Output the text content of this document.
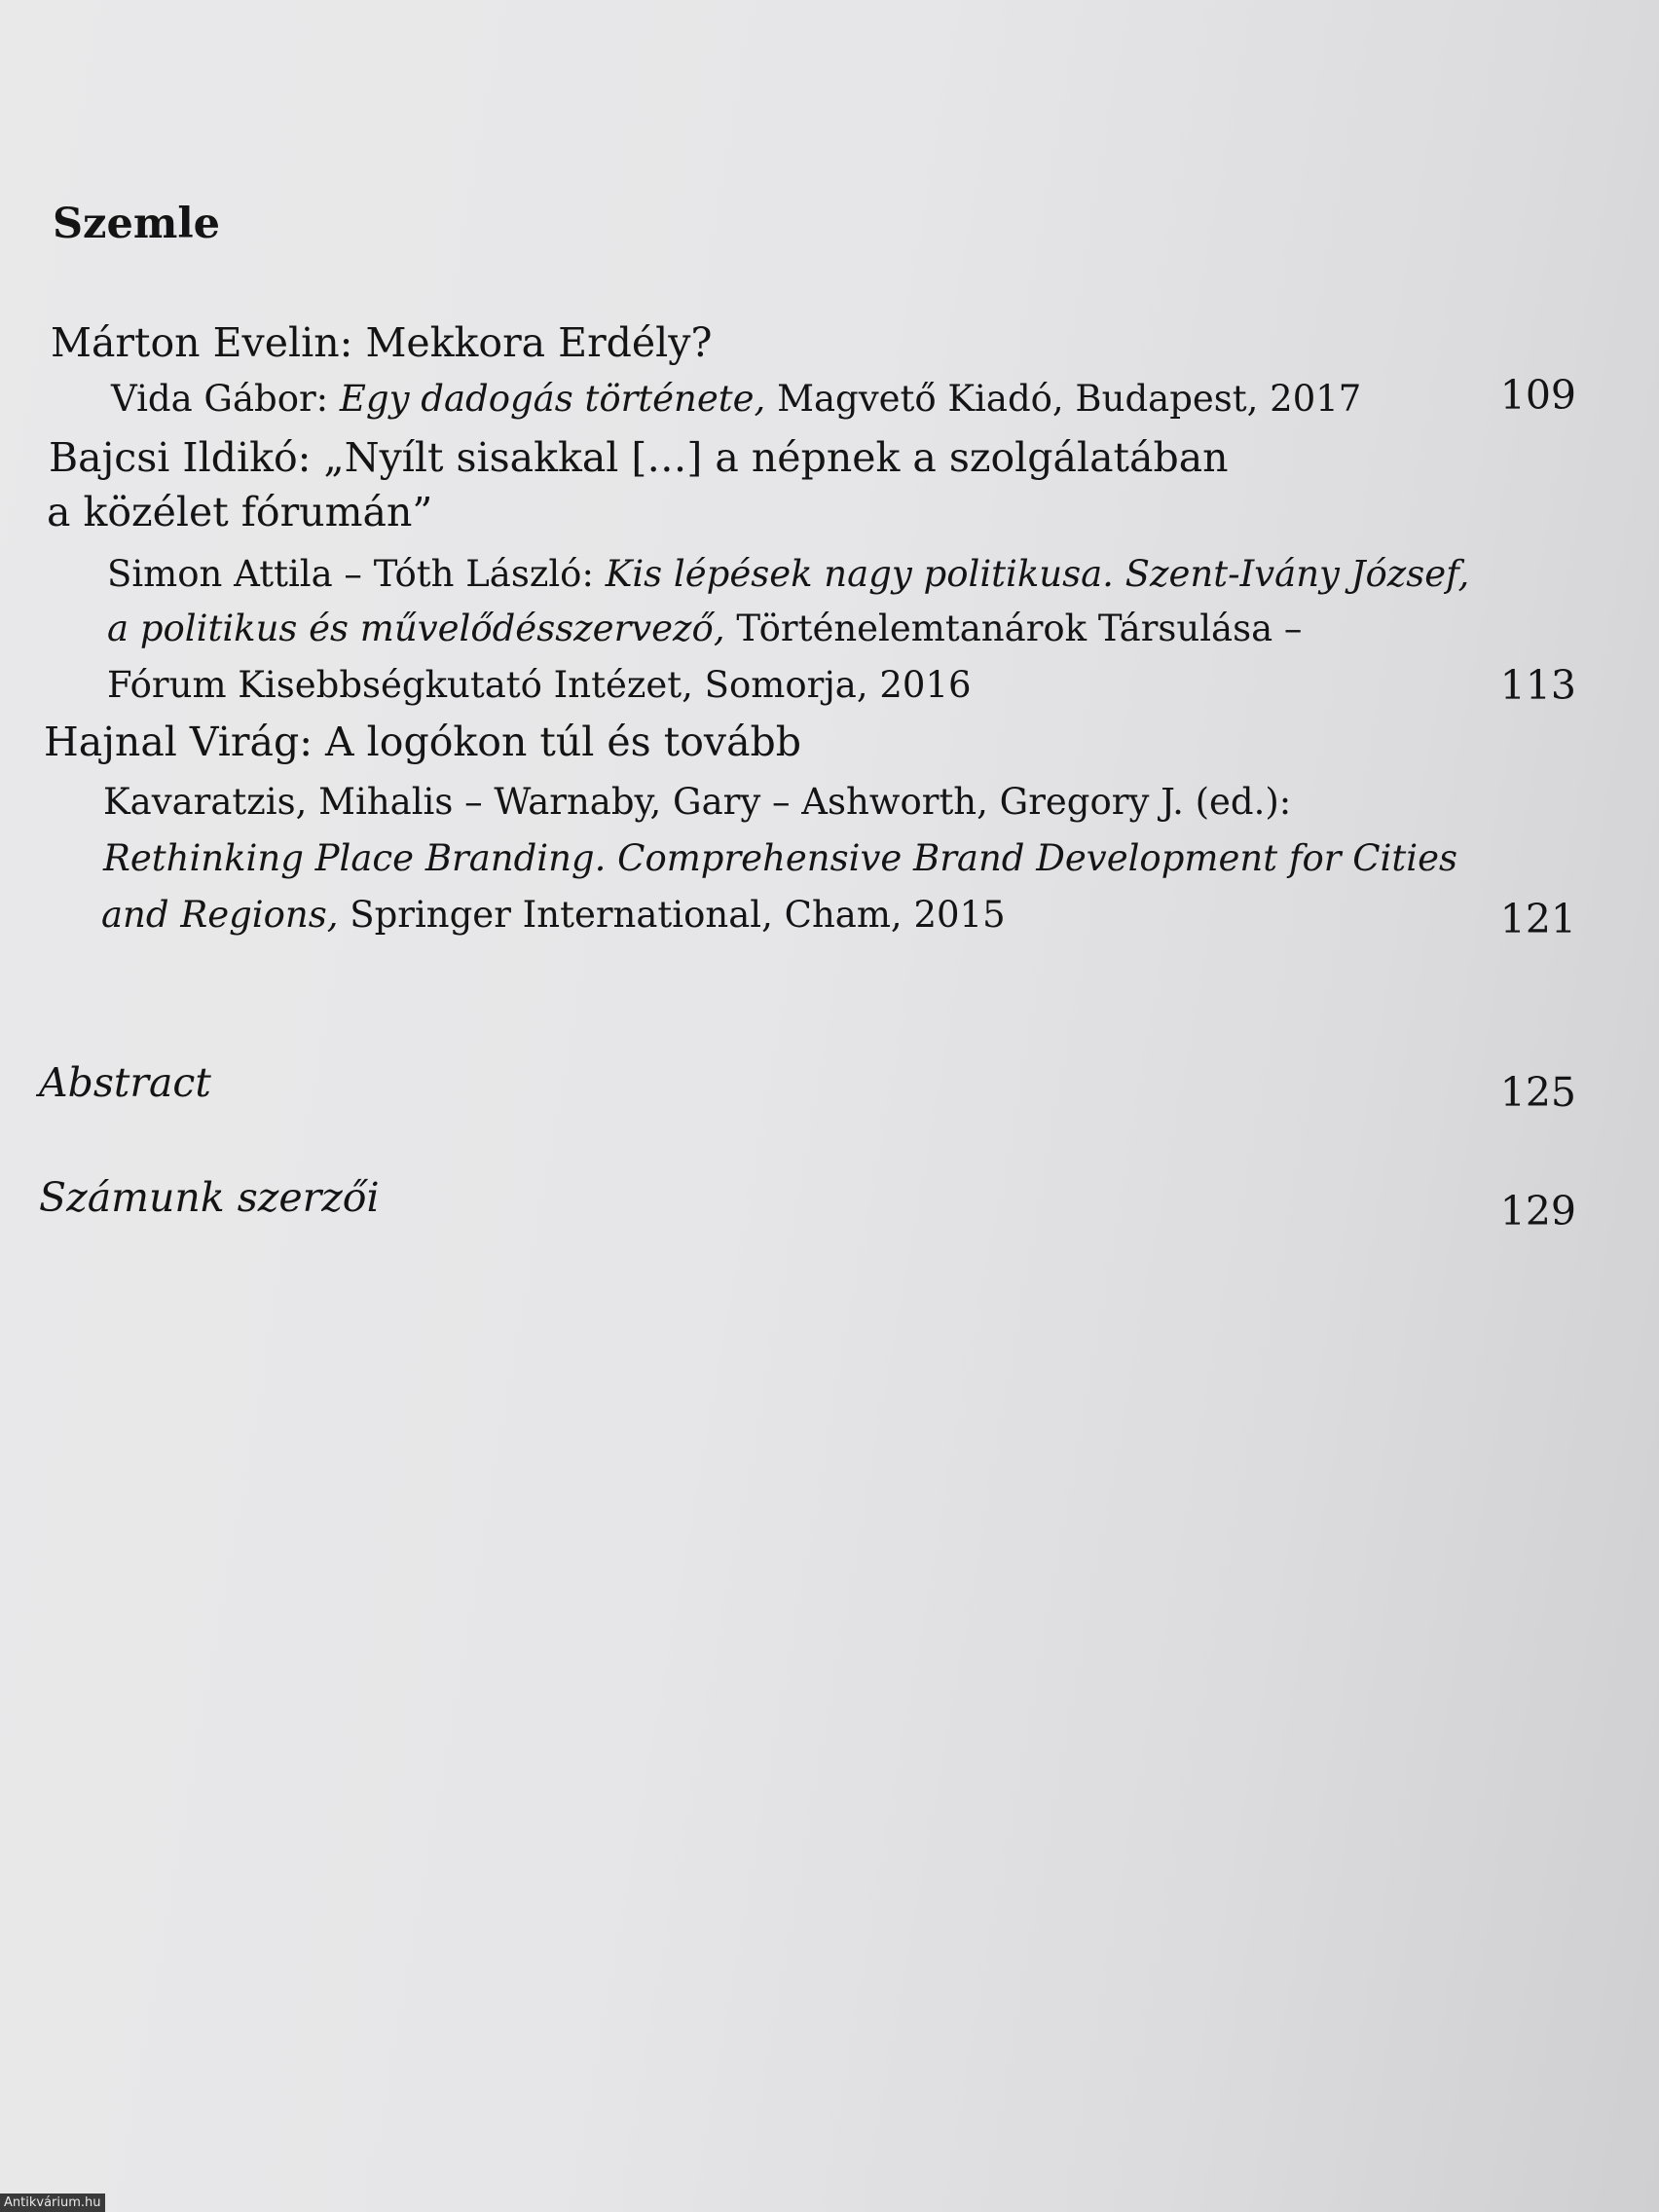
Szemle
Márton Evelin: Mekkora Erdély?
Vida Gábor: Egy dadogás története, Magvető Kiadó, Budapest, 2017	109
Bajcsi Ildikó: „Nyílt sisakkal […] a népnek a szolgálatában
a közélet fórumán”
Simon Attila – Tóth László: Kis lépések nagy politikusa. Szent-Ivány József,
a politikus és művelődésszervező, Történelemtanárok Társulása –
Fórum Kisebbségkutató Intézet, Somorja, 2016	113
Hajnal Virág: A logókon túl és tovább
Kavaratzis, Mihalis – Warnaby, Gary – Ashworth, Gregory J. (ed.):
Rethinking Place Branding. Comprehensive Brand Development for Cities
and Regions, Springer International, Cham, 2015	121
Abstract	125
Számunk szerzői	129
Antikvárium.hu
